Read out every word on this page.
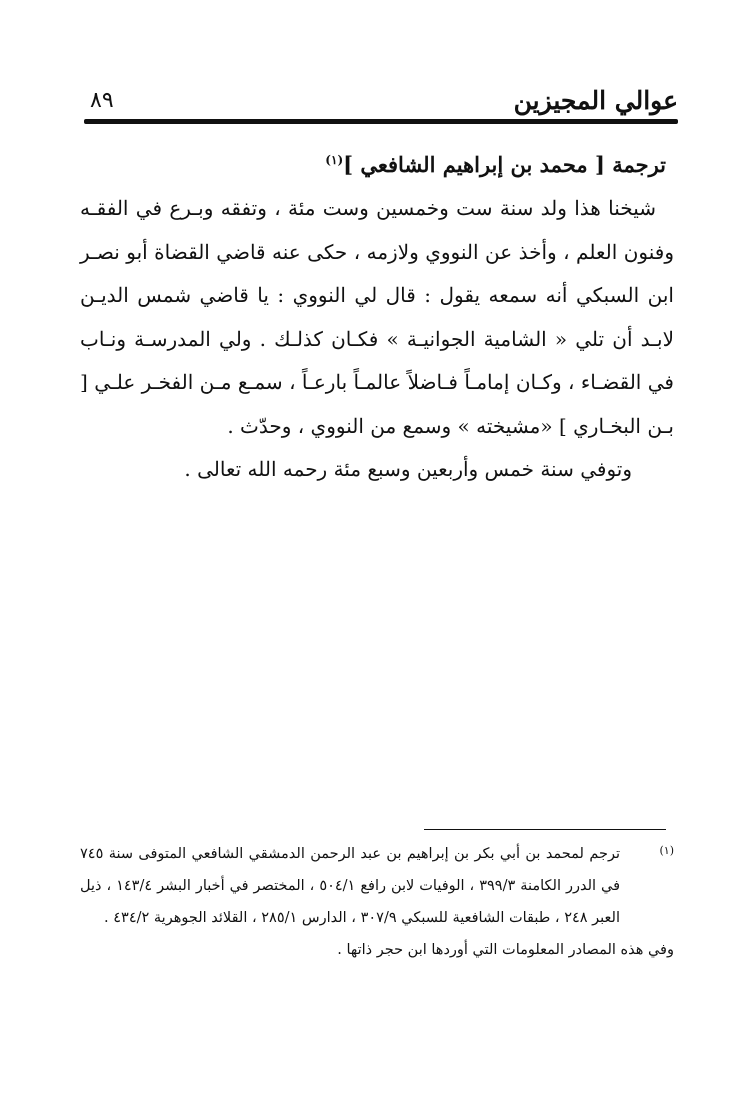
عوالي المجيزين
٨٩

ترجمة [ محمد بن إبراهيم الشافعي ]$^{(١)}$

شيخنا هذا ولد سنة ست وخمسين وست مئة ، وتفقه وبـرع في الفقـه وفنون العلم ، وأخذ عن النووي ولازمه ، حكى عنه قاضي القضاة أبو نصـر ابن السبكي أنه سمعه يقول : قال لي النووي : يا قاضي شمس الديـن لابـد أن تلي « الشامية الجوانيـة » فكـان كذلـك . ولي المدرسـة ونـاب في القضـاء ، وكـان إمامـاً فـاضلاً عالمـاً بارعـاً ، سمـع مـن الفخـر علـي [ بـن البخـاري ] «مشيخته » وسمع من النووي ، وحدّث .

وتوفي سنة خمس وأربعين وسبع مئة رحمه الله تعالى .

(١)
ترجم لمحمد بن أبي بكر بن إبراهيم بن عبد الرحمن الدمشقي الشافعي المتوفى سنة ٧٤٥ في الدرر الكامنة ٣٩٩/٣ ، الوفيات لابن رافع ٥٠٤/١ ، المختصر في أخبار البشر ١٤٣/٤ ، ذيل العبر ٢٤٨ ، طبقات الشافعية للسبكي ٣٠٧/٩ ، الدارس ٢٨٥/١ ، القلائد الجوهرية ٤٣٤/٢ .

وفي هذه المصادر المعلومات التي أوردها ابن حجر ذاتها .
